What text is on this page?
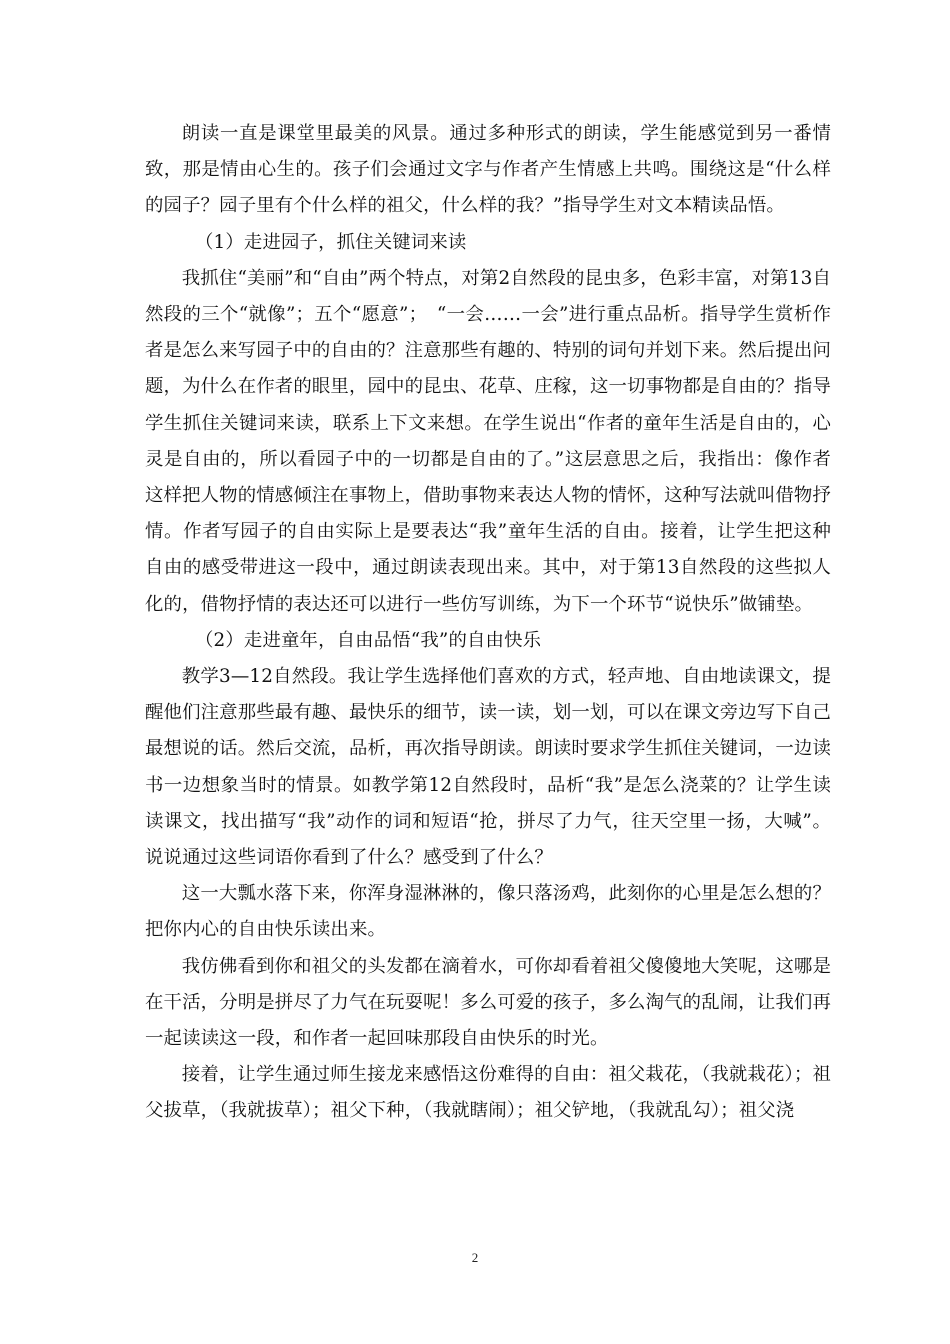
朗读一直是课堂里最美的风景。通过多种形式的朗读，学生能感觉到另一番情致，那是情由心生的。孩子们会通过文字与作者产生情感上共鸣。围绕这是“什么样的园子？园子里有个什么样的祖父，什么样的我？”指导学生对文本精读品悟。

（1）走进园子，抓住关键词来读

我抓住“美丽”和“自由”两个特点，对第2自然段的昆虫多，色彩丰富，对第13自然段的三个“就像”；五个“愿意”；　“一会……一会”进行重点品析。指导学生赏析作者是怎么来写园子中的自由的？注意那些有趣的、特别的词句并划下来。然后提出问题，为什么在作者的眼里，园中的昆虫、花草、庄稼，这一切事物都是自由的？指导学生抓住关键词来读，联系上下文来想。在学生说出“作者的童年生活是自由的，心灵是自由的，所以看园子中的一切都是自由的了。”这层意思之后，我指出：像作者这样把人物的情感倾注在事物上，借助事物来表达人物的情怀，这种写法就叫借物抒情。作者写园子的自由实际上是要表达“我”童年生活的自由。接着，让学生把这种自由的感受带进这一段中，通过朗读表现出来。其中，对于第13自然段的这些拟人化的，借物抒情的表达还可以进行一些仿写训练，为下一个环节“说快乐”做铺垫。

（2）走进童年，自由品悟“我”的自由快乐

教学3—12自然段。我让学生选择他们喜欢的方式，轻声地、自由地读课文，提醒他们注意那些最有趣、最快乐的细节，读一读，划一划，可以在课文旁边写下自己最想说的话。然后交流，品析，再次指导朗读。朗读时要求学生抓住关键词，一边读书一边想象当时的情景。如教学第12自然段时，品析“我”是怎么浇菜的？让学生读读课文，找出描写“我”动作的词和短语“抢，拼尽了力气，往天空里一扬，大喊”。说说通过这些词语你看到了什么？感受到了什么？

这一大瓢水落下来，你浑身湿淋淋的，像只落汤鸡，此刻你的心里是怎么想的？把你内心的自由快乐读出来。

我仿佛看到你和祖父的头发都在滴着水，可你却看着祖父傻傻地大笑呢，这哪是在干活，分明是拼尽了力气在玩耍呢！多么可爱的孩子，多么淘气的乱闹，让我们再一起读读这一段，和作者一起回味那段自由快乐的时光。

接着，让学生通过师生接龙来感悟这份难得的自由：祖父栽花，（我就栽花）；祖父拔草，（我就拔草）；祖父下种，（我就瞎闹）；祖父铲地，（我就乱勾）；祖父浇

2
